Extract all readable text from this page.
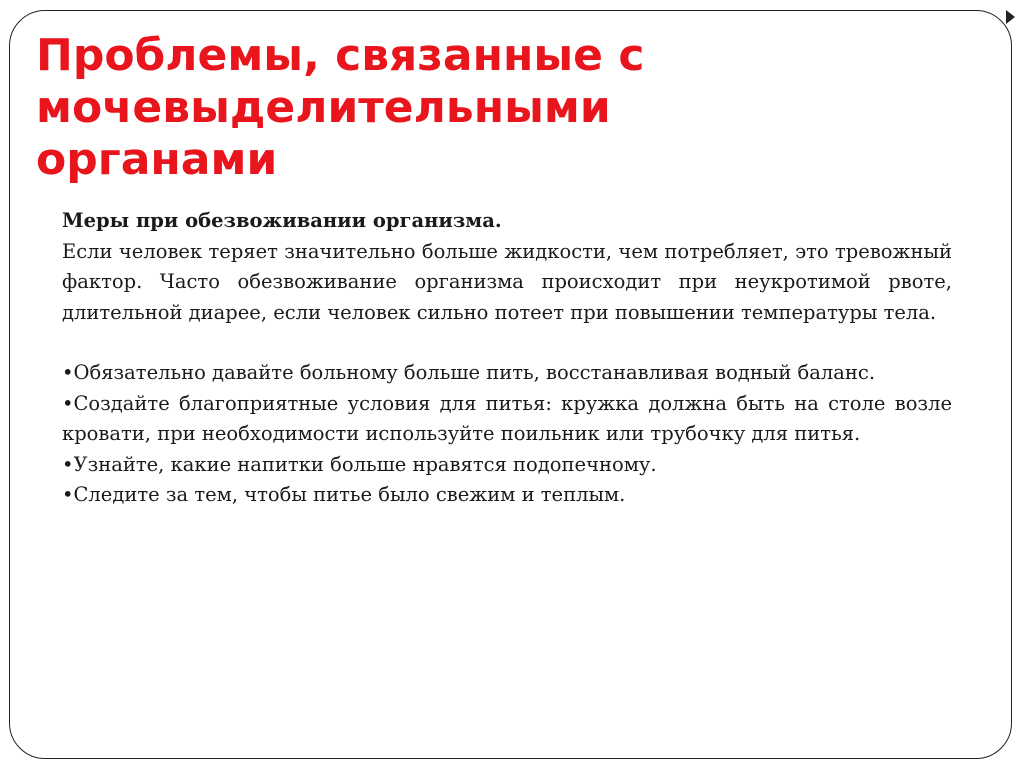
Проблемы, связанные с
мочевыделительными
органами

Меры при обезвоживании организма.

Если человек теряет значительно больше жидкости, чем потребляет, это тревожный фактор. Часто обезвоживание организма происходит при неукротимой рвоте, длительной диарее, если человек сильно потеет при повышении температуры тела.

•Обязательно давайте больному больше пить, восстанавливая водный баланс.

•Создайте благоприятные условия для питья: кружка должна быть на столе возле кровати, при необходимости используйте поильник или трубочку для питья.

•Узнайте, какие напитки больше нравятся подопечному.

•Следите за тем, чтобы питье было свежим и теплым.
